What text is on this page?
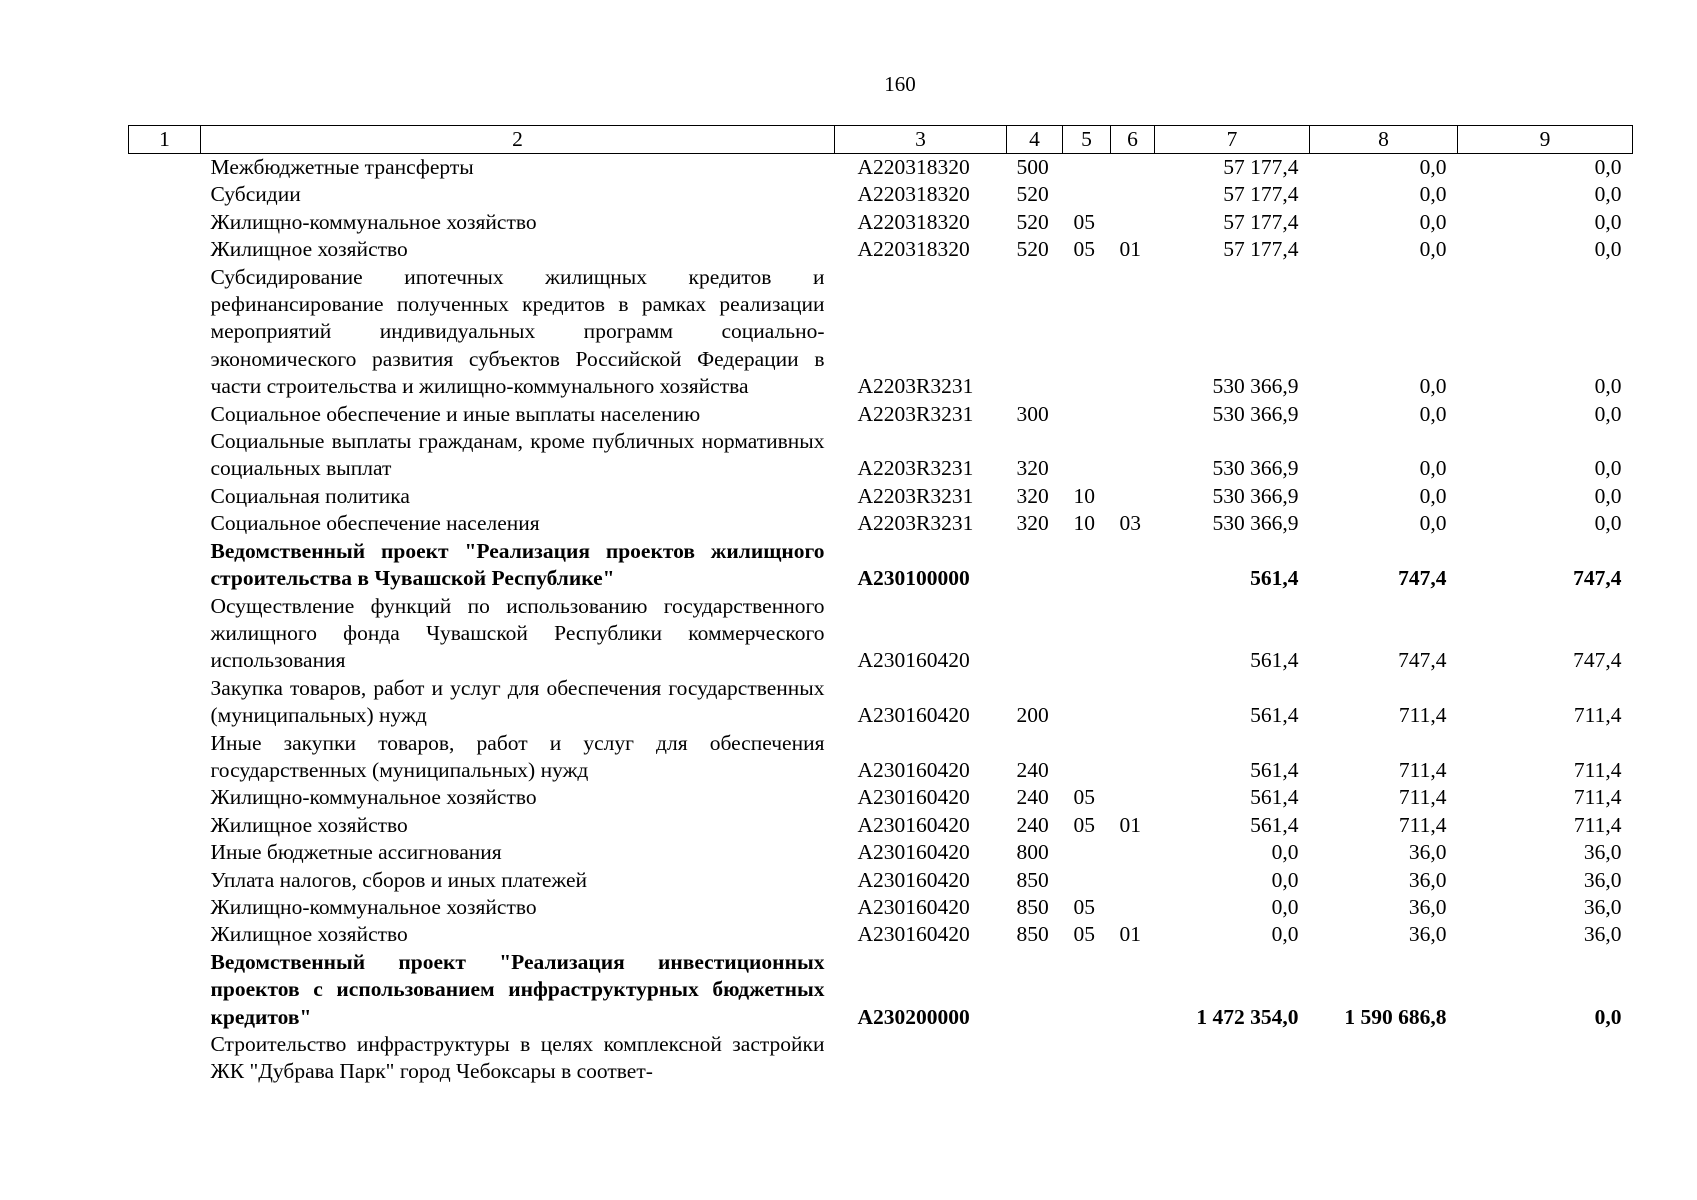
160
1	2	3	4	5	6	7	8	9
	Межбюджетные трансферты	A220318320	500			57 177,4	0,0	0,0
	Субсидии	A220318320	520			57 177,4	0,0	0,0
	Жилищно-коммунальное хозяйство	A220318320	520	05		57 177,4	0,0	0,0
	Жилищное хозяйство	A220318320	520	05	01	57 177,4	0,0	0,0
	Субсидирование ипотечных жилищных кредитов и рефинансирование полученных кредитов в рамках реализации мероприятий индивидуальных программ социально-экономического развития субъектов Российской Федерации в части строительства и жилищно-коммунального хозяйства	A2203R3231				530 366,9	0,0	0,0
	Социальное обеспечение и иные выплаты населению	A2203R3231	300			530 366,9	0,0	0,0
	Социальные выплаты гражданам, кроме публичных нормативных социальных выплат	A2203R3231	320			530 366,9	0,0	0,0
	Социальная политика	A2203R3231	320	10		530 366,9	0,0	0,0
	Социальное обеспечение населения	A2203R3231	320	10	03	530 366,9	0,0	0,0
	Ведомственный проект "Реализация проектов жилищного строительства в Чувашской Республике"	A230100000				561,4	747,4	747,4
	Осуществление функций по использованию государственного жилищного фонда Чувашской Республики коммерческого использования	A230160420				561,4	747,4	747,4
	Закупка товаров, работ и услуг для обеспечения государственных (муниципальных) нужд	A230160420	200			561,4	711,4	711,4
	Иные закупки товаров, работ и услуг для обеспечения государственных (муниципальных) нужд	A230160420	240			561,4	711,4	711,4
	Жилищно-коммунальное хозяйство	A230160420	240	05		561,4	711,4	711,4
	Жилищное хозяйство	A230160420	240	05	01	561,4	711,4	711,4
	Иные бюджетные ассигнования	A230160420	800			0,0	36,0	36,0
	Уплата налогов, сборов и иных платежей	A230160420	850			0,0	36,0	36,0
	Жилищно-коммунальное хозяйство	A230160420	850	05		0,0	36,0	36,0
	Жилищное хозяйство	A230160420	850	05	01	0,0	36,0	36,0
	Ведомственный проект "Реализация инвестиционных проектов с использованием инфраструктурных бюджетных кредитов"	A230200000				1 472 354,0	1 590 686,8	0,0
	Строительство инфраструктуры в целях комплексной застройки ЖК "Дубрава Парк" город Чебоксары в соответ-							
